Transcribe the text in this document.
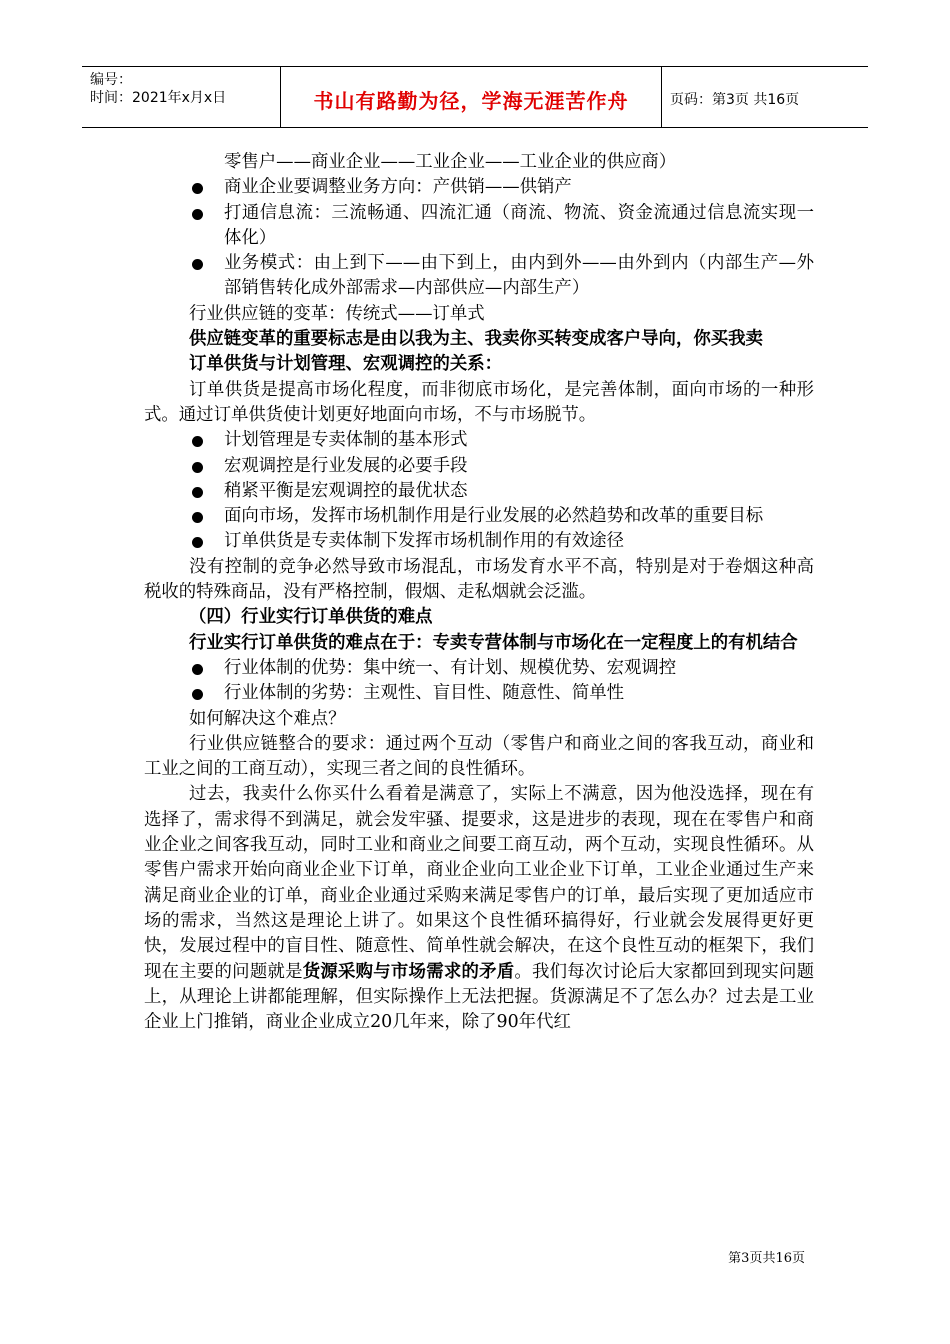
编号：
时间：2021年x月x日	书山有路勤为径，学海无涯苦作舟	页码：第3页 共16页

零售户——商业企业——工业企业——工业企业的供应商）

商业企业要调整业务方向：产供销——供销产

打通信息流：三流畅通、四流汇通（商流、物流、资金流通过信息流实现一体化）

业务模式：由上到下——由下到上，由内到外——由外到内（内部生产—外部销售转化成外部需求—内部供应—内部生产）

行业供应链的变革：传统式——订单式

供应链变革的重要标志是由以我为主、我卖你买转变成客户导向，你买我卖

订单供货与计划管理、宏观调控的关系：

订单供货是提高市场化程度，而非彻底市场化，是完善体制，面向市场的一种形式。通过订单供货使计划更好地面向市场，不与市场脱节。

计划管理是专卖体制的基本形式

宏观调控是行业发展的必要手段

稍紧平衡是宏观调控的最优状态

面向市场，发挥市场机制作用是行业发展的必然趋势和改革的重要目标

订单供货是专卖体制下发挥市场机制作用的有效途径

没有控制的竞争必然导致市场混乱，市场发育水平不高，特别是对于卷烟这种高税收的特殊商品，没有严格控制，假烟、走私烟就会泛滥。

（四）行业实行订单供货的难点

行业实行订单供货的难点在于：专卖专营体制与市场化在一定程度上的有机结合

行业体制的优势：集中统一、有计划、规模优势、宏观调控

行业体制的劣势：主观性、盲目性、随意性、简单性

如何解决这个难点？

行业供应链整合的要求：通过两个互动（零售户和商业之间的客我互动，商业和工业之间的工商互动），实现三者之间的良性循环。

过去，我卖什么你买什么看着是满意了，实际上不满意，因为他没选择，现在有选择了，需求得不到满足，就会发牢骚、提要求，这是进步的表现，现在在零售户和商业企业之间客我互动，同时工业和商业之间要工商互动，两个互动，实现良性循环。从零售户需求开始向商业企业下订单，商业企业向工业企业下订单，工业企业通过生产来满足商业企业的订单，商业企业通过采购来满足零售户的订单，最后实现了更加适应市场的需求，当然这是理论上讲了。如果这个良性循环搞得好，行业就会发展得更好更快，发展过程中的盲目性、随意性、简单性就会解决，在这个良性互动的框架下，我们现在主要的问题就是货源采购与市场需求的矛盾。我们每次讨论后大家都回到现实问题上，从理论上讲都能理解，但实际操作上无法把握。货源满足不了怎么办？过去是工业企业上门推销，商业企业成立20几年来，除了90年代红

第3页共16页
